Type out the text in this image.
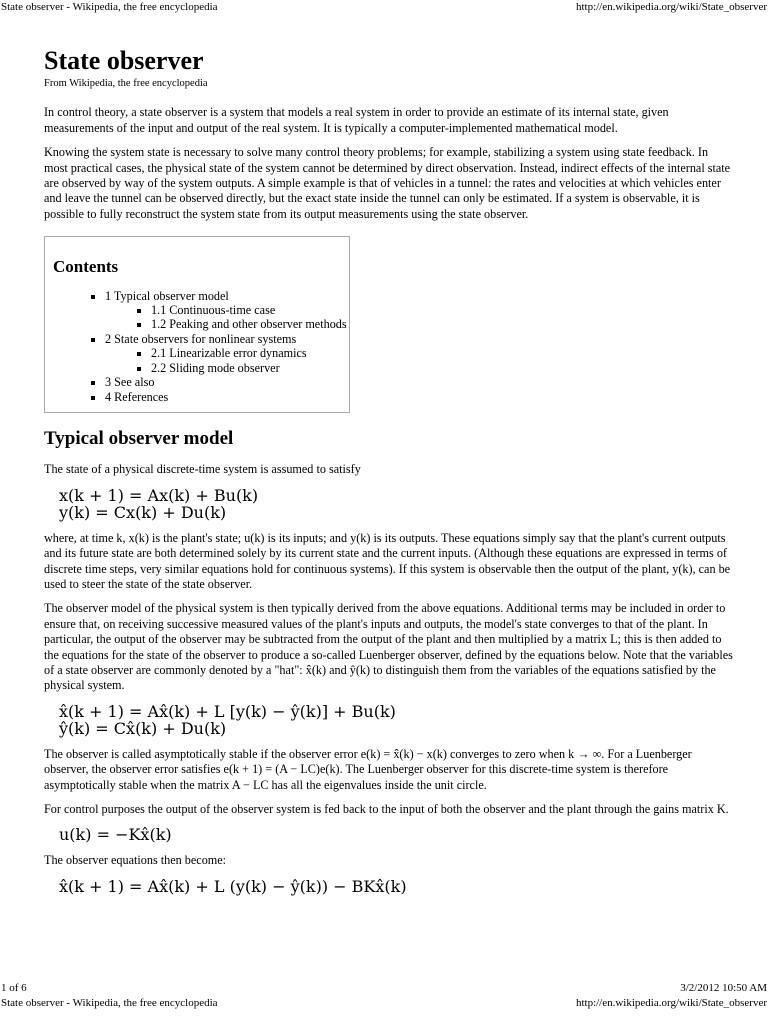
State observer - Wikipedia, the free encyclopedia	http://en.wikipedia.org/wiki/State_observer
State observer
From Wikipedia, the free encyclopedia

In control theory, a state observer is a system that models a real system in order to provide an estimate of its internal state, given measurements of the input and output of the real system. It is typically a computer-implemented mathematical model.

Knowing the system state is necessary to solve many control theory problems; for example, stabilizing a system using state feedback. In most practical cases, the physical state of the system cannot be determined by direct observation. Instead, indirect effects of the internal state are observed by way of the system outputs. A simple example is that of vehicles in a tunnel: the rates and velocities at which vehicles enter and leave the tunnel can be observed directly, but the exact state inside the tunnel can only be estimated. If a system is observable, it is possible to fully reconstruct the system state from its output measurements using the state observer.

Contents
▪ 1 Typical observer model
▪ 1.1 Continuous-time case
▪ 1.2 Peaking and other observer methods
▪ 2 State observers for nonlinear systems
▪ 2.1 Linearizable error dynamics
▪ 2.2 Sliding mode observer
▪ 3 See also
▪ 4 References
Typical observer model

The state of a physical discrete-time system is assumed to satisfy

x(k + 1) = Ax(k) + Bu(k)
y(k) = Cx(k) + Du(k)

where, at time k, x(k) is the plant's state; u(k) is its inputs; and y(k) is its outputs. These equations simply say that the plant's current outputs and its future state are both determined solely by its current state and the current inputs. (Although these equations are expressed in terms of discrete time steps, very similar equations hold for continuous systems). If this system is observable then the output of the plant, y(k), can be used to steer the state of the state observer.

The observer model of the physical system is then typically derived from the above equations. Additional terms may be included in order to ensure that, on receiving successive measured values of the plant's inputs and outputs, the model's state converges to that of the plant. In particular, the output of the observer may be subtracted from the output of the plant and then multiplied by a matrix L; this is then added to the equations for the state of the observer to produce a so-called Luenberger observer, defined by the equations below. Note that the variables of a state observer are commonly denoted by a "hat": x̂(k) and ŷ(k) to distinguish them from the variables of the equations satisfied by the physical system.

x̂(k + 1) = Ax̂(k) + L [y(k) − ŷ(k)] + Bu(k)
ŷ(k) = Cx̂(k) + Du(k)

The observer is called asymptotically stable if the observer error e(k) = x̂(k) − x(k) converges to zero when k → ∞. For a Luenberger observer, the observer error satisfies e(k + 1) = (A − LC)e(k). The Luenberger observer for this discrete-time system is therefore asymptotically stable when the matrix A − LC has all the eigenvalues inside the unit circle.

For control purposes the output of the observer system is fed back to the input of both the observer and the plant through the gains matrix K.

u(k) = −Kx̂(k)

The observer equations then become:

x̂(k + 1) = Ax̂(k) + L (y(k) − ŷ(k)) − BKx̂(k)
1 of 6	3/2/2012 10:50 AM
State observer - Wikipedia, the free encyclopedia	http://en.wikipedia.org/wiki/State_observer
